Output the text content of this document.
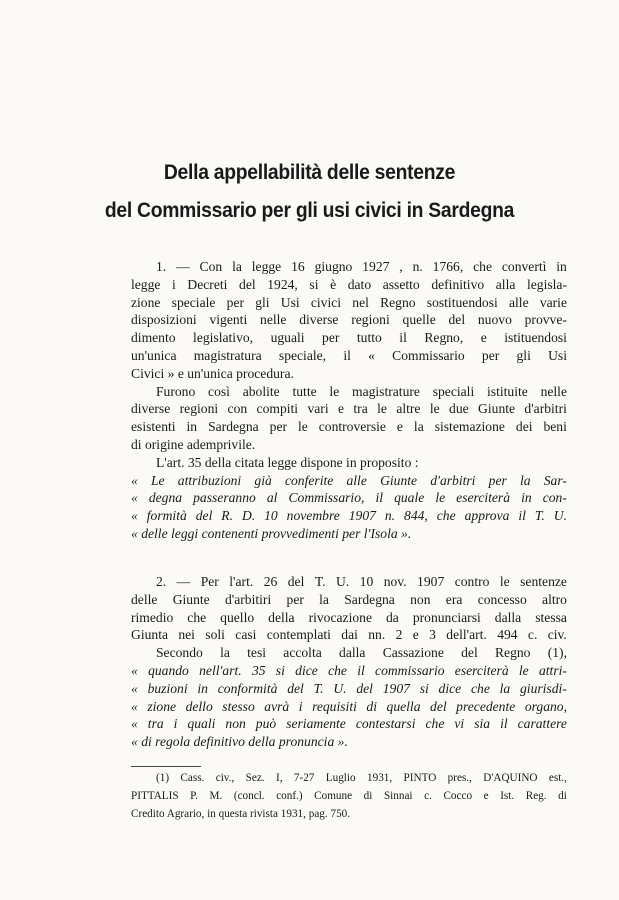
Della appellabilità delle sentenze
del Commissario per gli usi civici in Sardegna
1. — Con la legge 16 giugno 1927 , n. 1766, che convertì in
legge i Decreti del 1924, si è dato assetto definitivo alla legisla-
zione speciale per gli Usi civici nel Regno sostituendosi alle varie
disposizioni vigenti nelle diverse regioni quelle del nuovo provve-
dimento legislativo, uguali per tutto il Regno, e istituendosi
un'unica magistratura speciale, il « Commissario per gli Usi
Civici » e un'unica procedura.
Furono così abolite tutte le magistrature speciali istituite nelle
diverse regioni con compiti vari e tra le altre le due Giunte d'arbitri
esistenti in Sardegna per le controversie e la sistemazione dei beni
di origine ademprivile.
L'art. 35 della citata legge dispone in proposito :
« Le attribuzioni già conferite alle Giunte d'arbitri per la Sar-
« degna passeranno al Commissario, il quale le eserciterà in con-
« formità del R. D. 10 novembre 1907 n. 844, che approva il T. U.
« delle leggi contenenti provvedimenti per l'Isola ».
2. — Per l'art. 26 del T. U. 10 nov. 1907 contro le sentenze
delle Giunte d'arbitiri per la Sardegna non era concesso altro
rimedio che quello della rivocazione da pronunciarsi dalla stessa
Giunta nei soli casi contemplati dai nn. 2 e 3 dell'art. 494 c. civ.
Secondo la tesi accolta dalla Cassazione del Regno (1),
« quando nell'art. 35 si dice che il commissario eserciterà le attri-
« buzioni in conformità del T. U. del 1907 si dice che la giurisdi-
« zione dello stesso avrà i requisiti di quella del precedente organo,
« tra i quali non può seriamente contestarsi che vi sia il carattere
« di regola definitivo della pronuncia ».
(1) Cass. civ., Sez. I, 7-27 Luglio 1931, PINTO pres., D'AQUINO est.,
PITTALIS P. M. (concl. conf.) Comune di Sinnai c. Cocco e Ist. Reg. di
Credito Agrario, in questa rivista 1931, pag. 750.
